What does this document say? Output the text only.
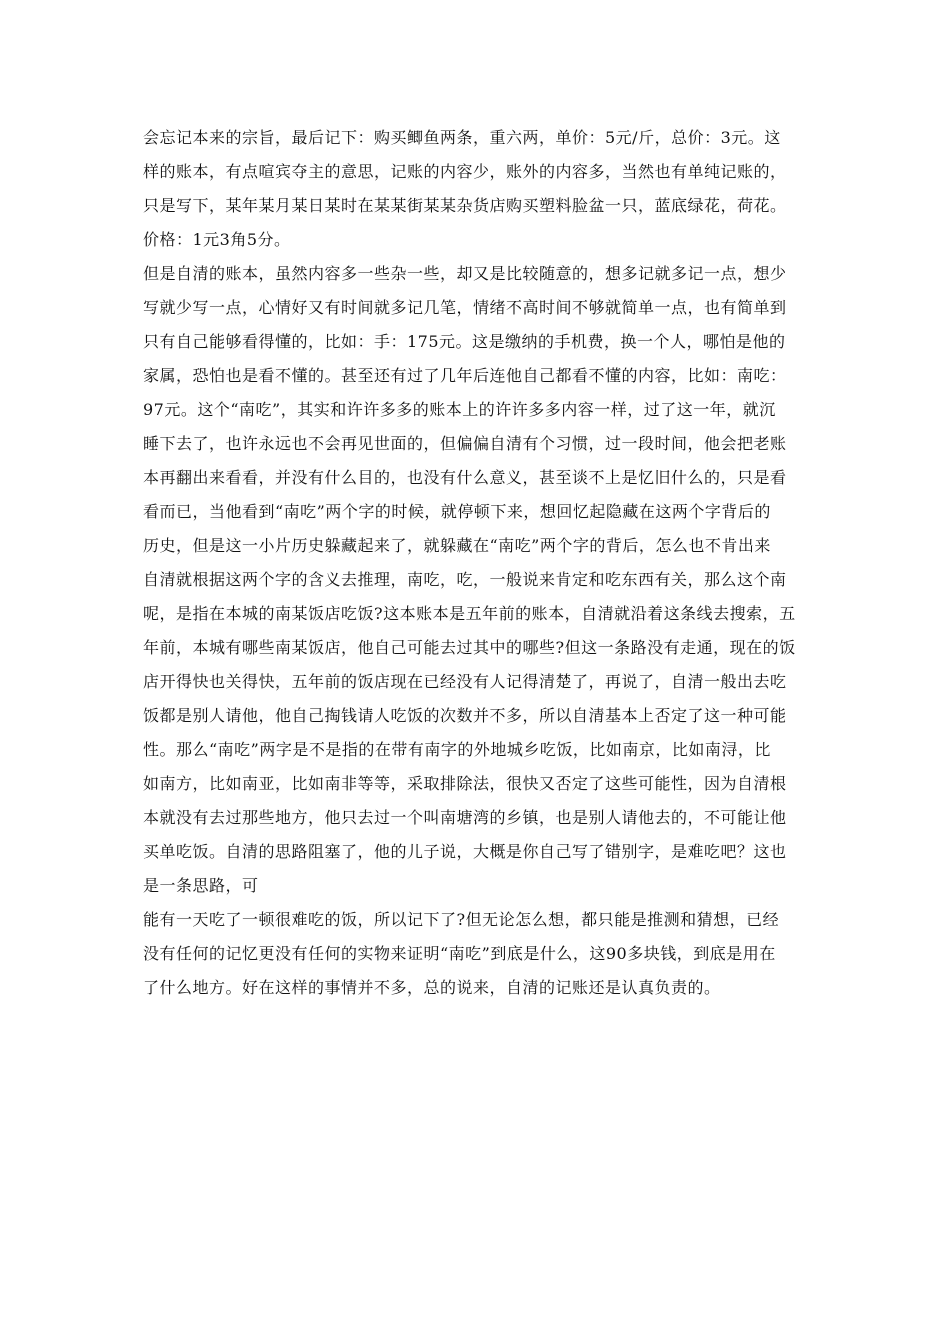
会忘记本来的宗旨，最后记下：购买鲫鱼两条，重六两，单价：5元/斤，总价：3元。这
样的账本，有点喧宾夺主的意思，记账的内容少，账外的内容多，当然也有单纯记账的，
只是写下，某年某月某日某时在某某街某某杂货店购买塑料脸盆一只，蓝底绿花，荷花。
价格：1元3角5分。
但是自清的账本，虽然内容多一些杂一些，却又是比较随意的，想多记就多记一点，想少
写就少写一点，心情好又有时间就多记几笔，情绪不高时间不够就简单一点，也有简单到
只有自己能够看得懂的，比如：手：175元。这是缴纳的手机费，换一个人，哪怕是他的
家属，恐怕也是看不懂的。甚至还有过了几年后连他自己都看不懂的内容，比如：南吃：
97元。这个“南吃”，其实和许许多多的账本上的许许多多内容一样，过了这一年，就沉
睡下去了，也许永远也不会再见世面的，但偏偏自清有个习惯，过一段时间，他会把老账
本再翻出来看看，并没有什么目的，也没有什么意义，甚至谈不上是忆旧什么的，只是看
看而已，当他看到“南吃”两个字的时候，就停顿下来，想回忆起隐藏在这两个字背后的
历史，但是这一小片历史躲藏起来了，就躲藏在“南吃”两个字的背后，怎么也不肯出来
自清就根据这两个字的含义去推理，南吃，吃，一般说来肯定和吃东西有关，那么这个南
呢，是指在本城的南某饭店吃饭?这本账本是五年前的账本，自清就沿着这条线去搜索，五
年前，本城有哪些南某饭店，他自己可能去过其中的哪些?但这一条路没有走通，现在的饭
店开得快也关得快，五年前的饭店现在已经没有人记得清楚了，再说了，自清一般出去吃
饭都是别人请他，他自己掏钱请人吃饭的次数并不多，所以自清基本上否定了这一种可能
性。那么“南吃”两字是不是指的在带有南字的外地城乡吃饭，比如南京，比如南浔，比
如南方，比如南亚，比如南非等等，采取排除法，很快又否定了这些可能性，因为自清根
本就没有去过那些地方，他只去过一个叫南塘湾的乡镇，也是别人请他去的，不可能让他
买单吃饭。自清的思路阻塞了，他的儿子说，大概是你自己写了错别字，是难吃吧？这也
是一条思路，可
能有一天吃了一顿很难吃的饭，所以记下了?但无论怎么想，都只能是推测和猜想，已经
没有任何的记忆更没有任何的实物来证明“南吃”到底是什么，这90多块钱，到底是用在
了什么地方。好在这样的事情并不多，总的说来，自清的记账还是认真负责的。
